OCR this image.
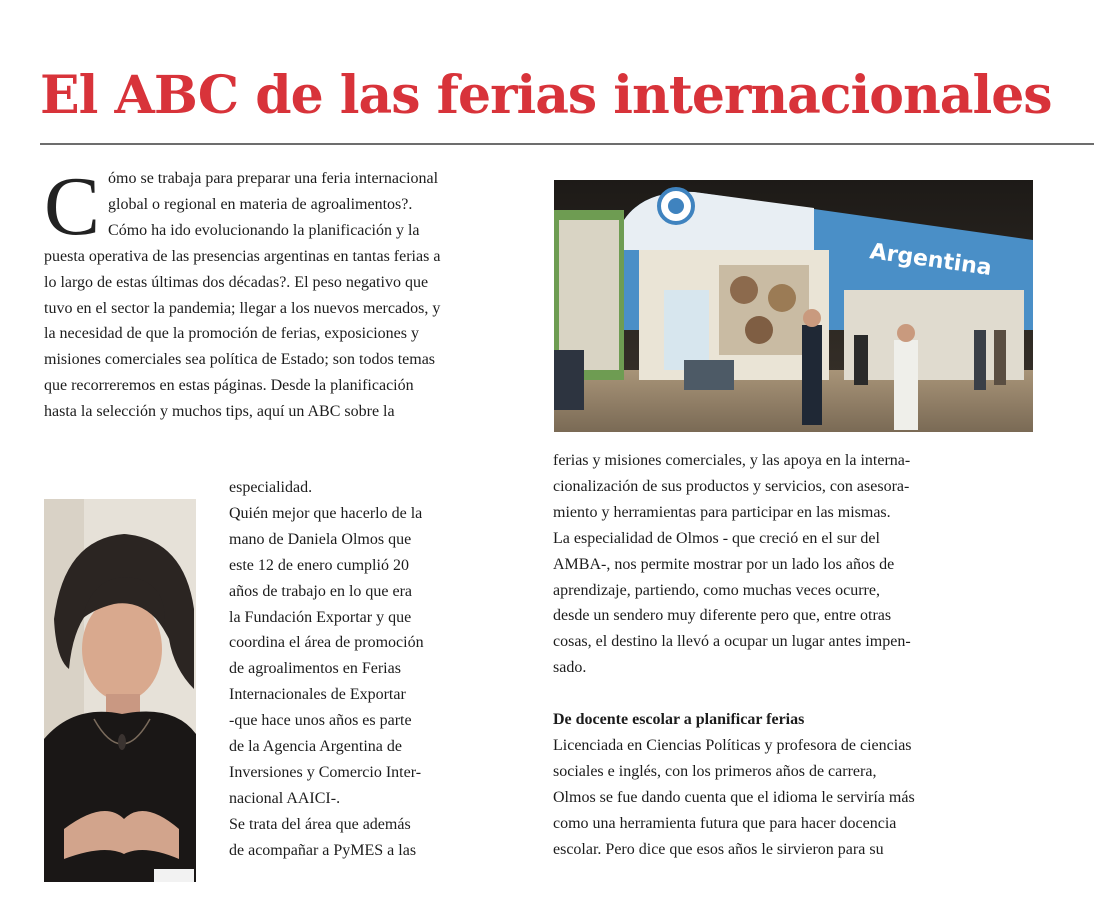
El ABC de las ferias internacionales
C ómo se trabaja para preparar una feria internacional global o regional en materia de agroalimentos?. Cómo ha ido evolucionando la planificación y la puesta operativa de las presencias argentinas en tantas ferias a lo largo de estas últimas dos décadas?. El peso negativo que tuvo en el sector la pandemia; llegar a los nuevos mercados, y la necesidad de que la promoción de ferias, exposiciones y misiones comerciales sea política de Estado; son todos temas que recorreremos en estas páginas. Desde la planificación hasta la selección y muchos tips, aquí un ABC sobre la
especialidad.
Quién mejor que hacerlo de la
mano de Daniela Olmos que
este 12 de enero cumplió 20
años de trabajo en lo que era
la Fundación Exportar y que
coordina el área de promoción
de agroalimentos en Ferias
Internacionales de Exportar
-que hace unos años es parte
de la Agencia Argentina de
Inversiones y Comercio Inter-
nacional AAICI-.
Se trata del área que además
de acompañar a PyMES a las
Argentina
ferias y misiones comerciales, y las apoya en la interna-
cionalización de sus productos y servicios, con asesora-
miento y herramientas para participar en las mismas.
La especialidad de Olmos - que creció en el sur del
AMBA-, nos permite mostrar por un lado los años de
aprendizaje, partiendo, como muchas veces ocurre,
desde un sendero muy diferente pero que, entre otras
cosas, el destino la llevó a ocupar un lugar antes impen-
sado.
De docente escolar a planificar ferias
Licenciada en Ciencias Políticas y profesora de ciencias
sociales e inglés, con los primeros años de carrera,
Olmos se fue dando cuenta que el idioma le serviría más
como una herramienta futura que para hacer docencia
escolar. Pero dice que esos años le sirvieron para su
